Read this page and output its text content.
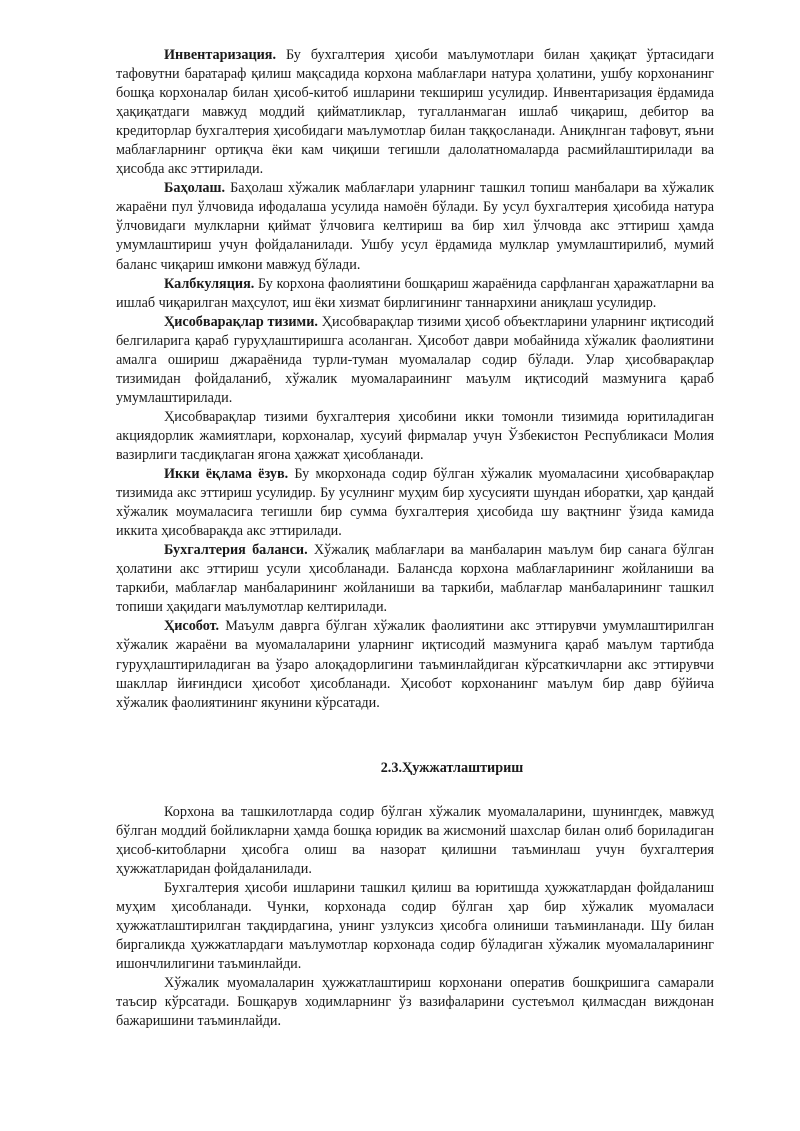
Инвентаризация. Бу бухгалтерия ҳисоби маълумотлари билан ҳақиқат ўртасидаги тафовутни баратараф қилиш мақсадида корхона маблағлари натура ҳолатини, ушбу корхонанинг бошқа корхоналар билан ҳисоб-китоб ишларини текшириш усулидир. Инвентаризация ёрдамида ҳақиқатдаги мавжуд моддий қийматликлар, тугалланмаган ишлаб чиқариш, дебитор ва кредиторлар бухгалтерия ҳисобидаги маълумотлар билан таққосланади. Аниқлнган тафовут, яъни маблағларнинг ортиқча ёки кам чиқиши тегишли далолатномаларда расмийлаштирилади ва ҳисобда акс эттирилади.

Баҳолаш. Баҳолаш хўжалик маблағлари уларнинг ташкил топиш манбалари ва хўжалик жараёни пул ўлчовида ифодалаша усулида намоён бўлади. Бу усул бухгалтерия ҳисобида натура ўлчовидаги мулкларни қиймат ўлчовига келтириш ва бир хил ўлчовда акс эттириш ҳамда умумлаштириш учун фойдаланилади. Ушбу усул ёрдамида мулклар умумлаштирилиб, мумий баланс чиқариш имкони мавжуд бўлади.

Калбкуляция. Бу корхона фаолиятини бошқариш жараёнида сарфланган ҳаражатларни ва ишлаб чиқарилган маҳсулот, иш ёки хизмат бирлигининг таннархини аниқлаш усулидир.

Ҳисобварақлар тизими. Ҳисобварақлар тизими ҳисоб объектларини уларнинг иқтисодий белгиларига қараб гуруҳлаштиришга асоланган. Ҳисобот даври мобайнида хўжалик фаолиятини амалга ошириш джараёнида турли-туман муомалалар содир бўлади. Улар ҳисобварақлар тизимидан фойдаланиб, хўжалик муомалараининг маъулм иқтисодий мазмунига қараб умумлаштирилади.

Ҳисобварақлар тизими бухгалтерия ҳисобини икки томонли тизимида юритиладиган акциядорлик жамиятлари, корхоналар, хусуий фирмалар учун Ўзбекистон Республикаси Молия вазирлиги тасдиқлаган ягона ҳажжат ҳисобланади.

Икки ёқлама ёзув. Бу мкорхонада содир бўлган хўжалик муомаласини ҳисобварақлар тизимида акс эттириш усулидир. Бу усулнинг муҳим бир хусусияти шундан иборатки, ҳар қандай хўжалик моумаласига тегишли бир сумма бухгалтерия ҳисобида шу вақтнинг ўзида камида иккита ҳисобварақда акс эттирилади.

Бухгалтерия баланси. Хўжалиқ маблағлари ва манбаларин маълум бир санага бўлган ҳолатини акс эттириш усули ҳисобланади. Балансда корхона маблағларининг жойланиши ва таркиби, маблағлар манбаларининг жойланиши ва таркиби, маблағлар манбаларининг ташкил топиши ҳақидаги маълумотлар келтирилади.

Ҳисобот. Маъулм даврга бўлган хўжалик фаолиятини акс эттирувчи умумлаштирилган хўжалик жараёни ва муомалаларини уларнинг иқтисодий мазмунига қараб маълум тартибда гуруҳлаштириладиган ва ўзаро алоқадорлигини таъминлайдиган кўрсаткичларни акс эттирувчи шакллар йиғиндиси ҳисобот ҳисобланади. Ҳисобот корхонанинг маълум бир давр бўйича хўжалик фаолиятининг якунини кўрсатади.

2.3.Ҳужжатлаштириш

Корхона ва ташкилотларда содир бўлган хўжалик муомалаларини, шунингдек, мавжуд бўлган моддий бойликларни ҳамда бошқа юридик ва жисмоний шахслар билан олиб бориладиган ҳисоб-китобларни ҳисобга олиш ва назорат қилишни таъминлаш учун бухгалтерия ҳужжатларидан фойдаланилади.

Бухгалтерия ҳисоби ишларини ташкил қилиш ва юритишда ҳужжатлардан фойдаланиш муҳим ҳисобланади. Чунки, корхонада содир бўлган ҳар бир хўжалик муомаласи ҳужжатлаштирилган тақдирдагина, унинг узлуксиз ҳисобга олиниши таъминланади. Шу билан биргаликда ҳужжатлардаги маълумотлар корхонада содир бўладиган хўжалик муомалаларининг ишончлилигини таъминлайди.

Хўжалик муомалаларин ҳужжатлаштириш корхонани оператив бошқришига самарали таъсир кўрсатади. Бошқарув ходимларнинг ўз вазифаларини сустеъмол қилмасдан виждонан бажаришини таъминлайди.
